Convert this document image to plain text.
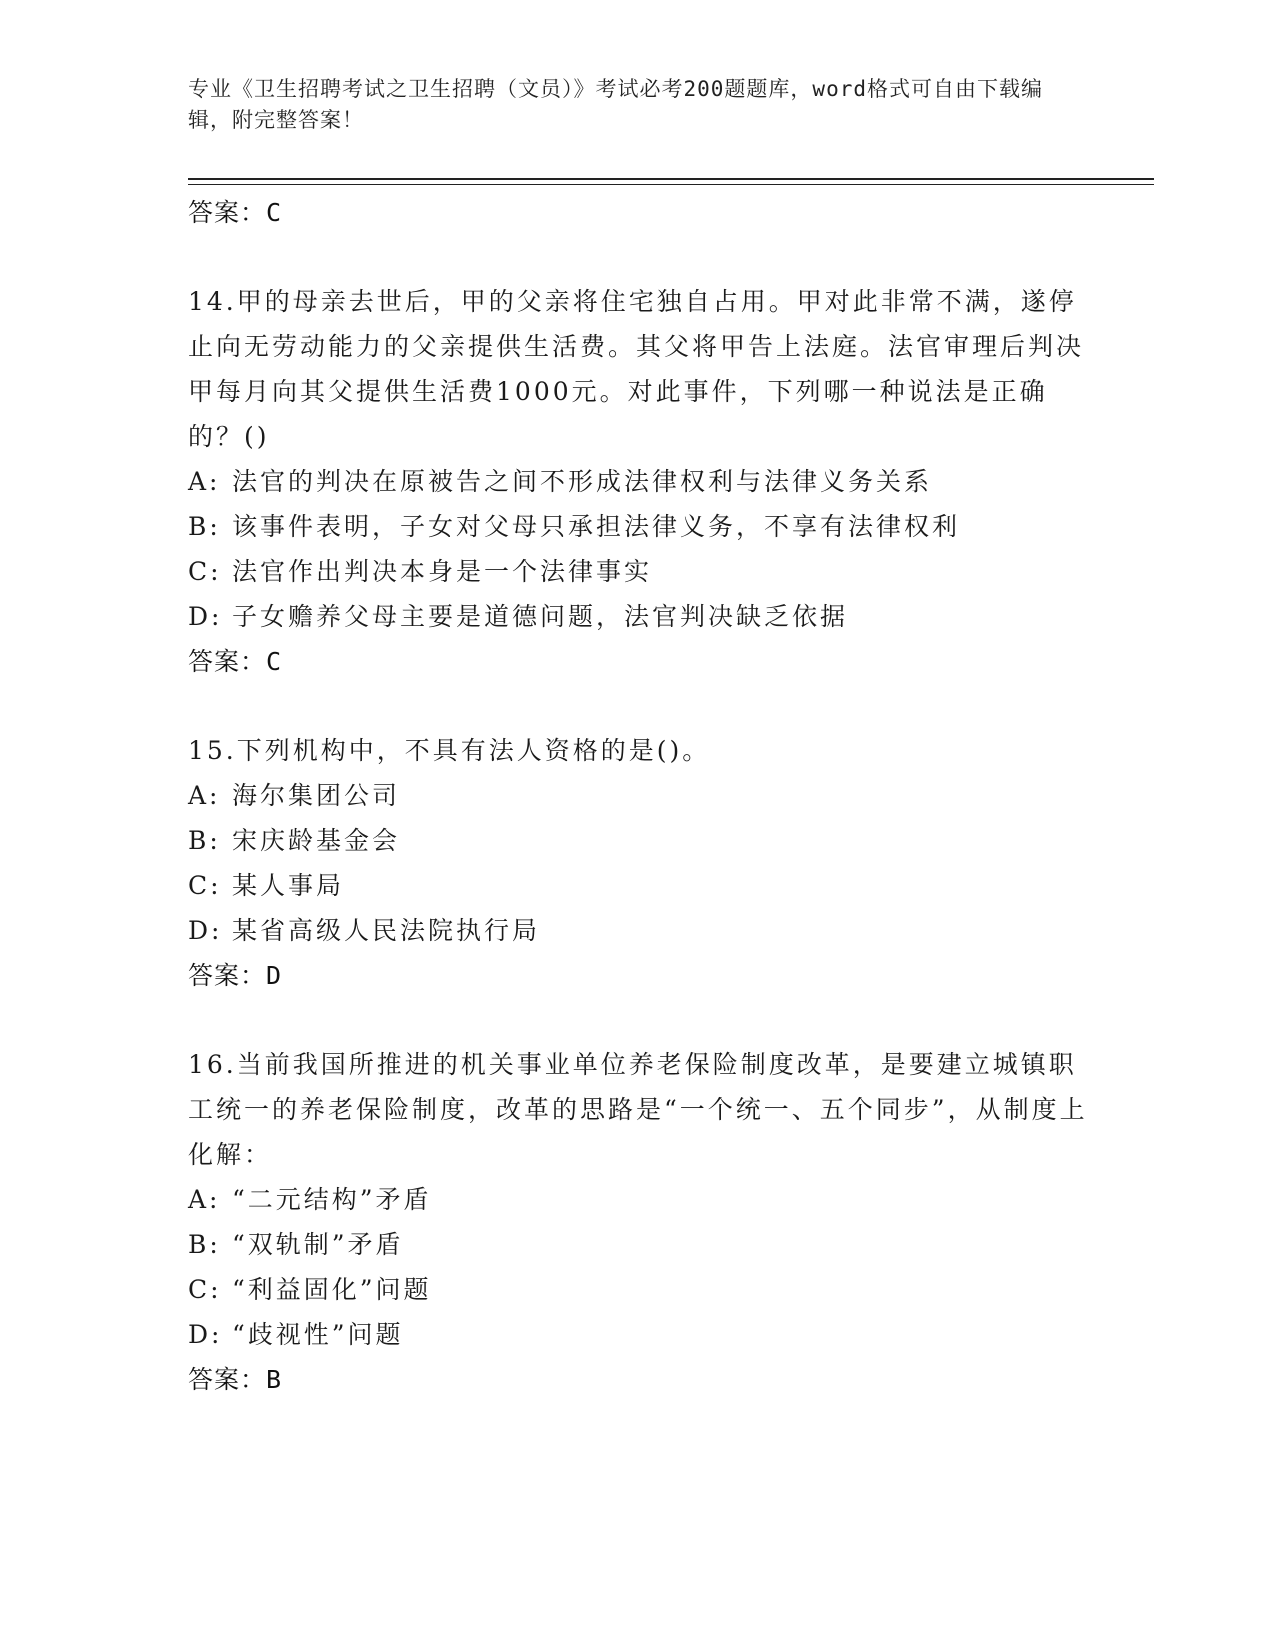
专业《卫生招聘考试之卫生招聘（文员）》考试必考200题题库，word格式可自由下载编辑，附完整答案！
答案：C

14.甲的母亲去世后，甲的父亲将住宅独自占用。甲对此非常不满，遂停止向无劳动能力的父亲提供生活费。其父将甲告上法庭。法官审理后判决甲每月向其父提供生活费1000元。对此事件，下列哪一种说法是正确的？()

A: 法官的判决在原被告之间不形成法律权利与法律义务关系
B: 该事件表明，子女对父母只承担法律义务，不享有法律权利
C: 法官作出判决本身是一个法律事实
D: 子女赡养父母主要是道德问题，法官判决缺乏依据
答案：C

15.下列机构中，不具有法人资格的是()。

A: 海尔集团公司
B: 宋庆龄基金会
C: 某人事局
D: 某省高级人民法院执行局
答案：D

16.当前我国所推进的机关事业单位养老保险制度改革，是要建立城镇职工统一的养老保险制度，改革的思路是“一个统一、五个同步”，从制度上化解：

A: “二元结构”矛盾
B: “双轨制”矛盾
C: “利益固化”问题
D: “歧视性”问题
答案：B
